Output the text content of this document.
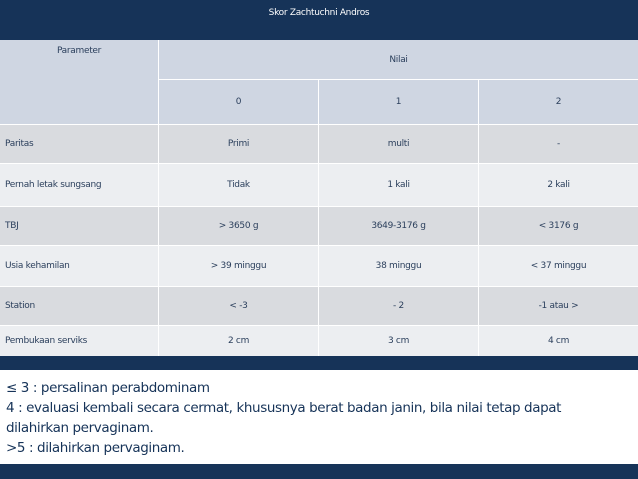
Skor Zachtuchni Andros
Parameter
Nilai
0	1	2
Paritas	Primi	multi	-
Pernah letak sungsang	Tidak	1 kali	2 kali
TBJ	> 3650 g	3649-3176 g	< 3176 g
Usia kehamilan	> 39 minggu	38 minggu	< 37 minggu
Station	< -3	- 2	-1 atau >
Pembukaan serviks	2 cm	3 cm	4 cm
≤ 3 : persalinan perabdominam
4 : evaluasi kembali secara cermat, khususnya berat badan janin, bila nilai tetap dapat
dilahirkan pervaginam.
>5 : dilahirkan pervaginam.
